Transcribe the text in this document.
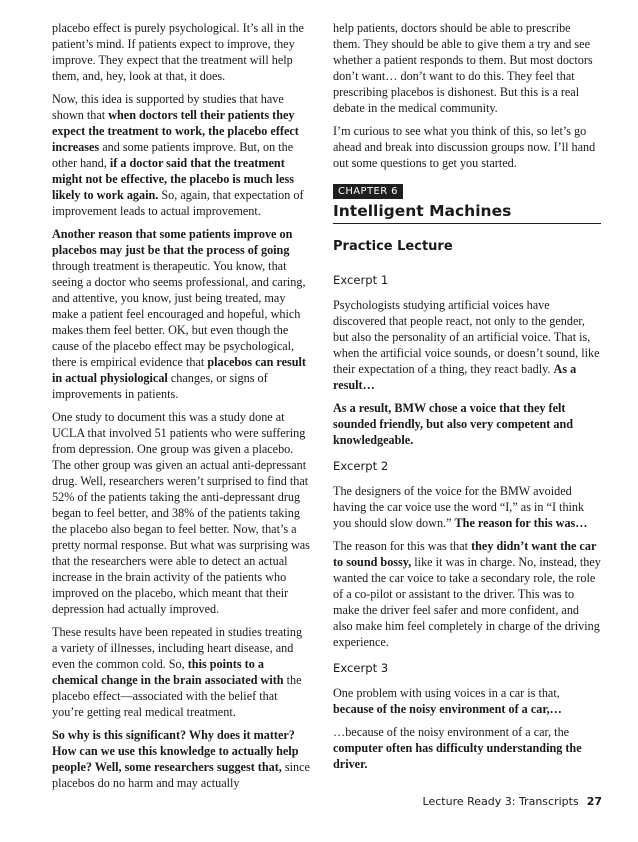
placebo effect is purely psychological. It’s all in the patient’s mind. If patients expect to improve, they improve. They expect that the treatment will help them, and, hey, look at that, it does.

Now, this idea is supported by studies that have shown that when doctors tell their patients they expect the treatment to work, the placebo effect increases and some patients improve. But, on the other hand, if a doctor said that the treatment might not be effective, the placebo is much less likely to work again. So, again, that expectation of improvement leads to actual improvement.

Another reason that some patients improve on placebos may just be that the process of going through treatment is therapeutic. You know, that seeing a doctor who seems professional, and caring, and attentive, you know, just being treated, may make a patient feel encouraged and hopeful, which makes them feel better. OK, but even though the cause of the placebo effect may be psychological, there is empirical evidence that placebos can result in actual physiological changes, or signs of improvements in patients.

One study to document this was a study done at UCLA that involved 51 patients who were suffering from depression. One group was given a placebo. The other group was given an actual anti-depressant drug. Well, researchers weren’t surprised to find that 52% of the patients taking the anti-depressant drug began to feel better, and 38% of the patients taking the placebo also began to feel better. Now, that’s a pretty normal response. But what was surprising was that the researchers were able to detect an actual increase in the brain activity of the patients who improved on the placebo, which meant that their depression had actually improved.

These results have been repeated in studies treating a variety of illnesses, including heart disease, and even the common cold. So, this points to a chemical change in the brain associated with the placebo effect—associated with the belief that you’re getting real medical treatment.

So why is this significant? Why does it matter? How can we use this knowledge to actually help people? Well, some researchers suggest that, since placebos do no harm and may actually

help patients, doctors should be able to prescribe them. They should be able to give them a try and see whether a patient responds to them. But most doctors don’t want… don’t want to do this. They feel that prescribing placebos is dishonest. But this is a real debate in the medical community.

I’m curious to see what you think of this, so let’s go ahead and break into discussion groups now. I’ll hand out some questions to get you started.

CHAPTER 6
Intelligent Machines
Practice Lecture
Excerpt 1

Psychologists studying artificial voices have discovered that people react, not only to the gender, but also the personality of an artificial voice. That is, when the artificial voice sounds, or doesn’t sound, like their expectation of a thing, they react badly. As a result…

As a result, BMW chose a voice that they felt sounded friendly, but also very competent and knowledgeable.

Excerpt 2

The designers of the voice for the BMW avoided having the car voice use the word “I,” as in “I think you should slow down.” The reason for this was…

The reason for this was that they didn’t want the car to sound bossy, like it was in charge. No, instead, they wanted the car voice to take a secondary role, the role of a co-pilot or assistant to the driver. This was to make the driver feel safer and more confident, and also make him feel completely in charge of the driving experience.

Excerpt 3

One problem with using voices in a car is that, because of the noisy environment of a car,…

…because of the noisy environment of a car, the computer often has difficulty understanding the driver.

Lecture Ready 3: Transcripts 27
